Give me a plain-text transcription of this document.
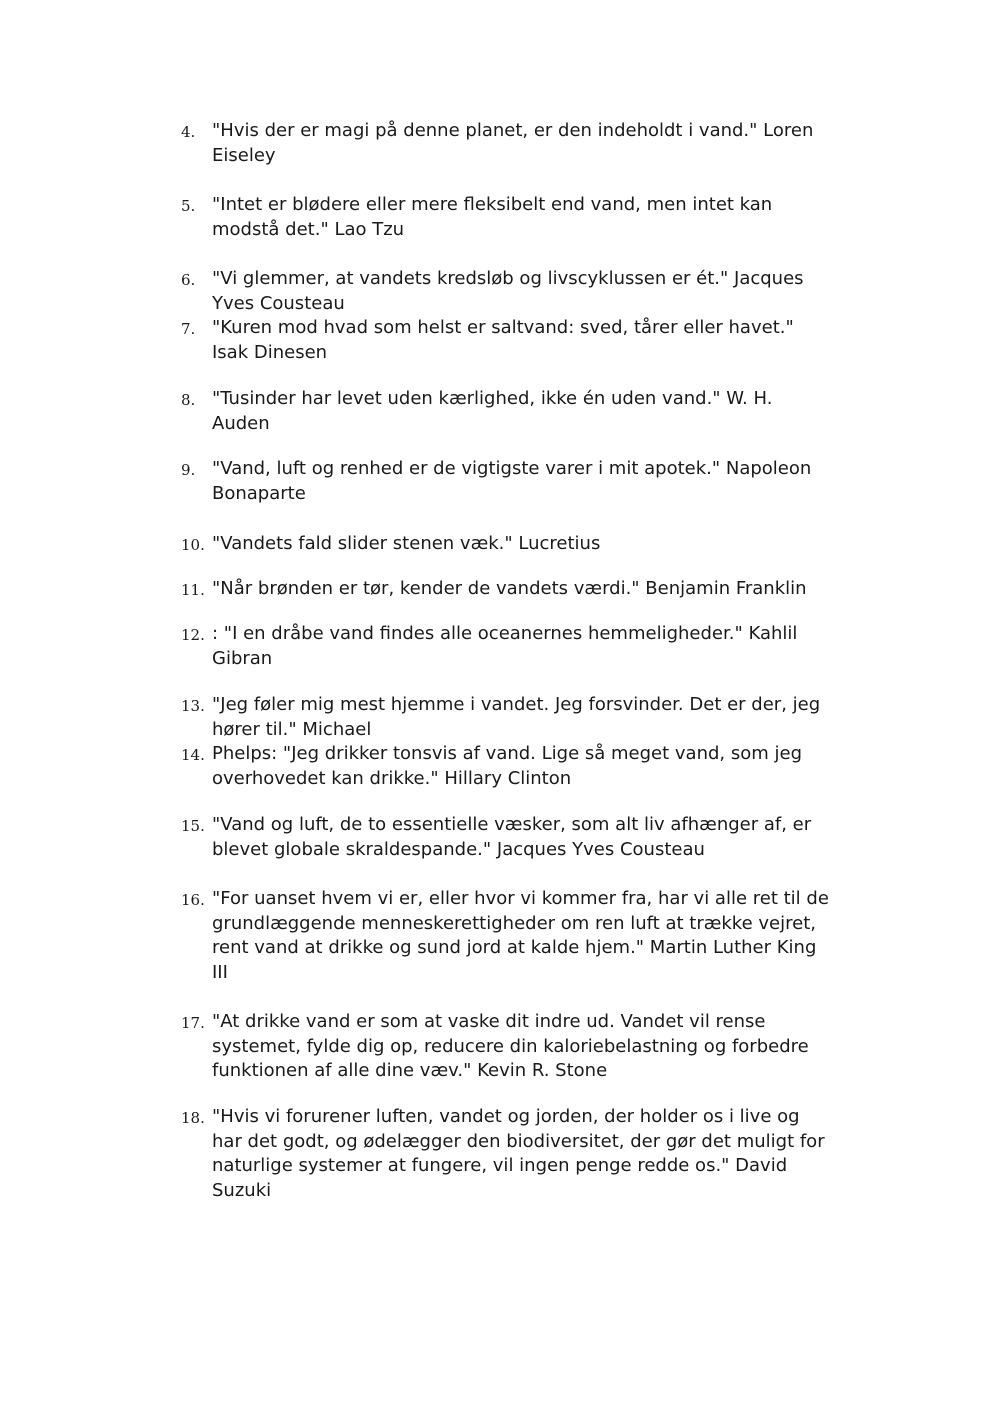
4. "Hvis der er magi på denne planet, er den indeholdt i vand." Loren
Eiseley
5. "Intet er blødere eller mere fleksibelt end vand, men intet kan
modstå det." Lao Tzu
6. "Vi glemmer, at vandets kredsløb og livscyklussen er ét." Jacques
Yves Cousteau
7. "Kuren mod hvad som helst er saltvand: sved, tårer eller havet."
Isak Dinesen
8. "Tusinder har levet uden kærlighed, ikke én uden vand." W. H.
Auden
9. "Vand, luft og renhed er de vigtigste varer i mit apotek." Napoleon
Bonaparte
10. "Vandets fald slider stenen væk." Lucretius
11. "Når brønden er tør, kender de vandets værdi." Benjamin Franklin
12. : "I en dråbe vand findes alle oceanernes hemmeligheder." Kahlil
Gibran
13. "Jeg føler mig mest hjemme i vandet. Jeg forsvinder. Det er der, jeg
hører til." Michael
14. Phelps: "Jeg drikker tonsvis af vand. Lige så meget vand, som jeg
overhovedet kan drikke." Hillary Clinton
15. "Vand og luft, de to essentielle væsker, som alt liv afhænger af, er
blevet globale skraldespande." Jacques Yves Cousteau
16. "For uanset hvem vi er, eller hvor vi kommer fra, har vi alle ret til de
grundlæggende menneskerettigheder om ren luft at trække vejret,
rent vand at drikke og sund jord at kalde hjem." Martin Luther King
III
17. "At drikke vand er som at vaske dit indre ud. Vandet vil rense
systemet, fylde dig op, reducere din kaloriebelastning og forbedre
funktionen af alle dine væv." Kevin R. Stone
18. "Hvis vi forurener luften, vandet og jorden, der holder os i live og
har det godt, og ødelægger den biodiversitet, der gør det muligt for
naturlige systemer at fungere, vil ingen penge redde os." David
Suzuki
